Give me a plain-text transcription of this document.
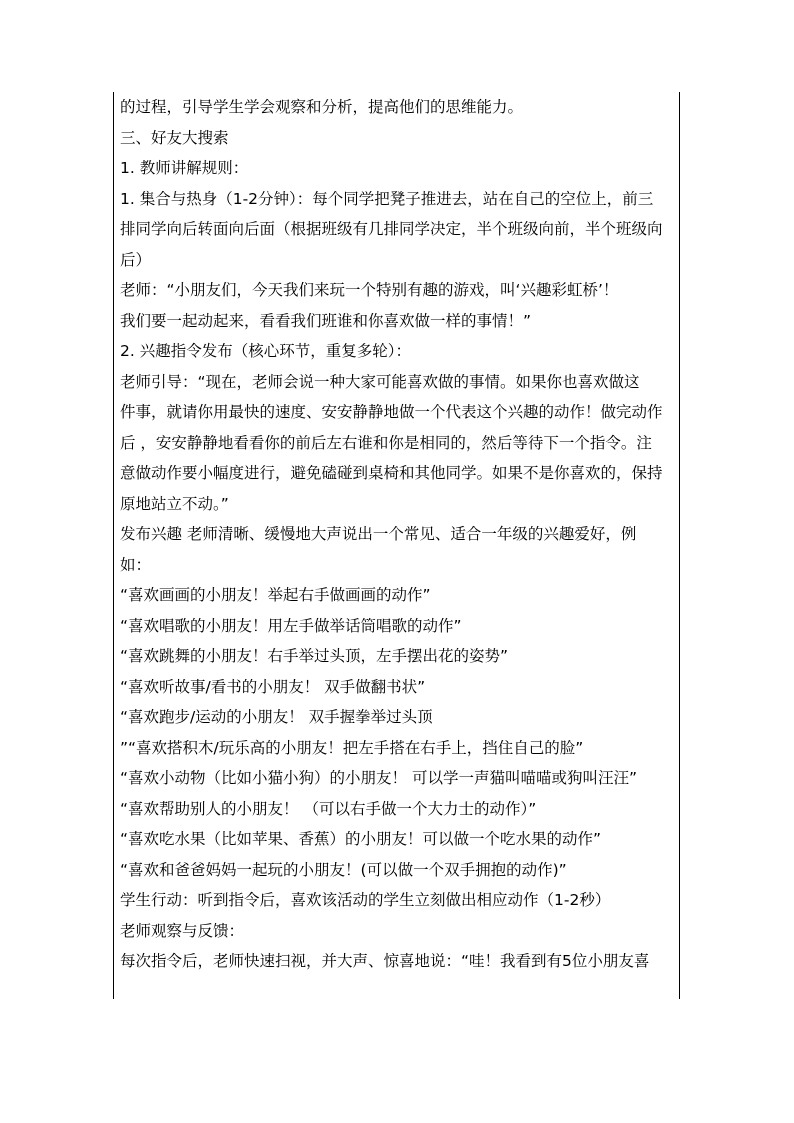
的过程，引导学生学会观察和分析，提高他们的思维能力。
三、好友大搜索
1. 教师讲解规则：
1. 集合与热身（1-2分钟）：每个同学把凳子推进去，站在自己的空位上，前三
排同学向后转面向后面（根据班级有几排同学决定，半个班级向前，半个班级向
后）
老师：“小朋友们，今天我们来玩一个特别有趣的游戏，叫‘兴趣彩虹桥’！
我们要一起动起来，看看我们班谁和你喜欢做一样的事情！”
2. 兴趣指令发布（核心环节，重复多轮）：
老师引导：“现在，老师会说一种大家可能喜欢做的事情。如果你也喜欢做这
件事，就请你用最快的速度、安安静静地做一个代表这个兴趣的动作！做完动作
后 ，安安静静地看看你的前后左右谁和你是相同的，然后等待下一个指令。注
意做动作要小幅度进行，避免磕碰到桌椅和其他同学。如果不是你喜欢的，保持
原地站立不动。”
发布兴趣 老师清晰、缓慢地大声说出一个常见、适合一年级的兴趣爱好，例
如：
“喜欢画画的小朋友！举起右手做画画的动作”
“喜欢唱歌的小朋友！用左手做举话筒唱歌的动作”
“喜欢跳舞的小朋友！右手举过头顶，左手摆出花的姿势”
“喜欢听故事/看书的小朋友！ 双手做翻书状”
“喜欢跑步/运动的小朋友！ 双手握拳举过头顶
”“喜欢搭积木/玩乐高的小朋友！把左手搭在右手上，挡住自己的脸”
“喜欢小动物（比如小猫小狗）的小朋友！ 可以学一声猫叫喵喵或狗叫汪汪”
“喜欢帮助别人的小朋友！ （可以右手做一个大力士的动作）”
“喜欢吃水果（比如苹果、香蕉）的小朋友！可以做一个吃水果的动作”
“喜欢和爸爸妈妈一起玩的小朋友！(可以做一个双手拥抱的动作)”
学生行动：听到指令后，喜欢该活动的学生立刻做出相应动作（1-2秒）
老师观察与反馈：
每次指令后，老师快速扫视，并大声、惊喜地说：“哇！我看到有5位小朋友喜
